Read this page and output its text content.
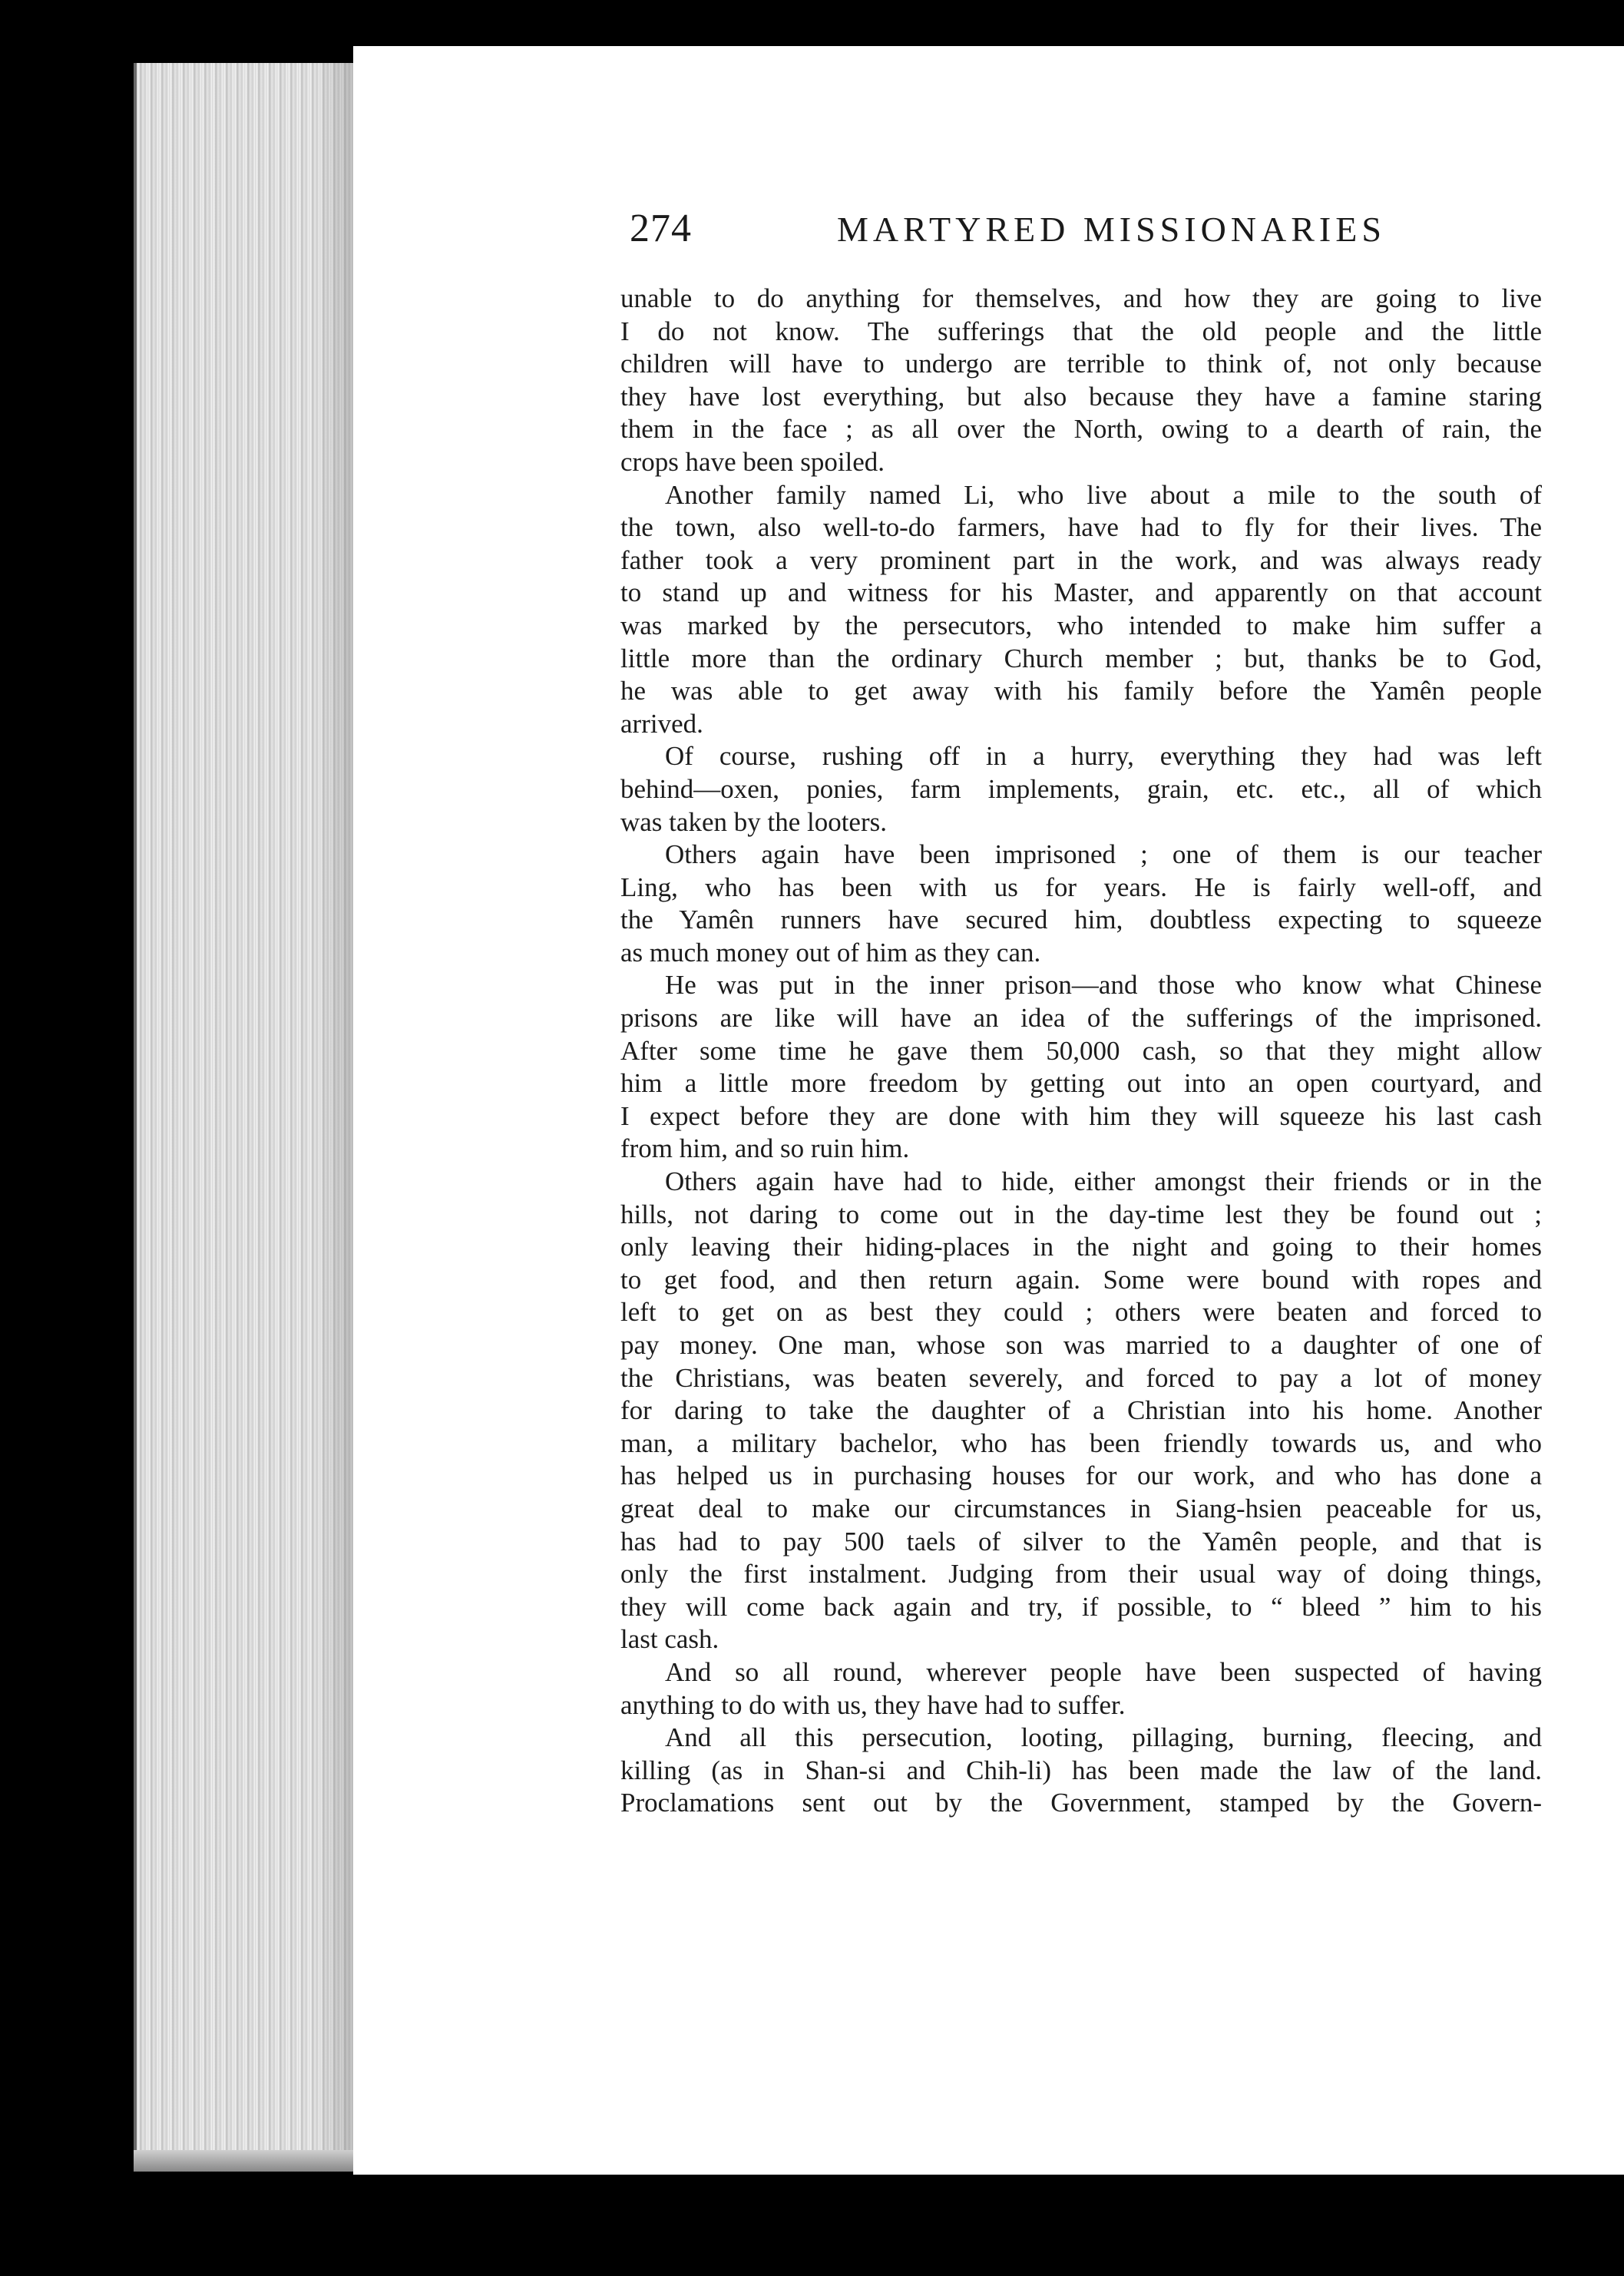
274	MARTYRED MISSIONARIES

unable to do anything for themselves, and how they are going to live
I do not know. The sufferings that the old people and the little
children will have to undergo are terrible to think of, not only because
they have lost everything, but also because they have a famine staring
them in the face ; as all over the North, owing to a dearth of rain, the
crops have been spoiled.

Another family named Li, who live about a mile to the south of
the town, also well-to-do farmers, have had to fly for their lives. The
father took a very prominent part in the work, and was always ready
to stand up and witness for his Master, and apparently on that account
was marked by the persecutors, who intended to make him suffer a
little more than the ordinary Church member ; but, thanks be to God,
he was able to get away with his family before the Yamên people
arrived.

Of course, rushing off in a hurry, everything they had was left
behind—oxen, ponies, farm implements, grain, etc. etc., all of which
was taken by the looters.

Others again have been imprisoned ; one of them is our teacher
Ling, who has been with us for years. He is fairly well-off, and
the Yamên runners have secured him, doubtless expecting to squeeze
as much money out of him as they can.

He was put in the inner prison—and those who know what Chinese
prisons are like will have an idea of the sufferings of the imprisoned.
After some time he gave them 50,000 cash, so that they might allow
him a little more freedom by getting out into an open courtyard, and
I expect before they are done with him they will squeeze his last cash
from him, and so ruin him.

Others again have had to hide, either amongst their friends or in the
hills, not daring to come out in the day-time lest they be found out ;
only leaving their hiding-places in the night and going to their homes
to get food, and then return again. Some were bound with ropes and
left to get on as best they could ; others were beaten and forced to
pay money. One man, whose son was married to a daughter of one of
the Christians, was beaten severely, and forced to pay a lot of money
for daring to take the daughter of a Christian into his home. Another
man, a military bachelor, who has been friendly towards us, and who
has helped us in purchasing houses for our work, and who has done a
great deal to make our circumstances in Siang-hsien peaceable for us,
has had to pay 500 taels of silver to the Yamên people, and that is
only the first instalment. Judging from their usual way of doing things,
they will come back again and try, if possible, to “ bleed ” him to his
last cash.

And so all round, wherever people have been suspected of having
anything to do with us, they have had to suffer.

And all this persecution, looting, pillaging, burning, fleecing, and
killing (as in Shan-si and Chih-li) has been made the law of the land.
Proclamations sent out by the Government, stamped by the Govern-
